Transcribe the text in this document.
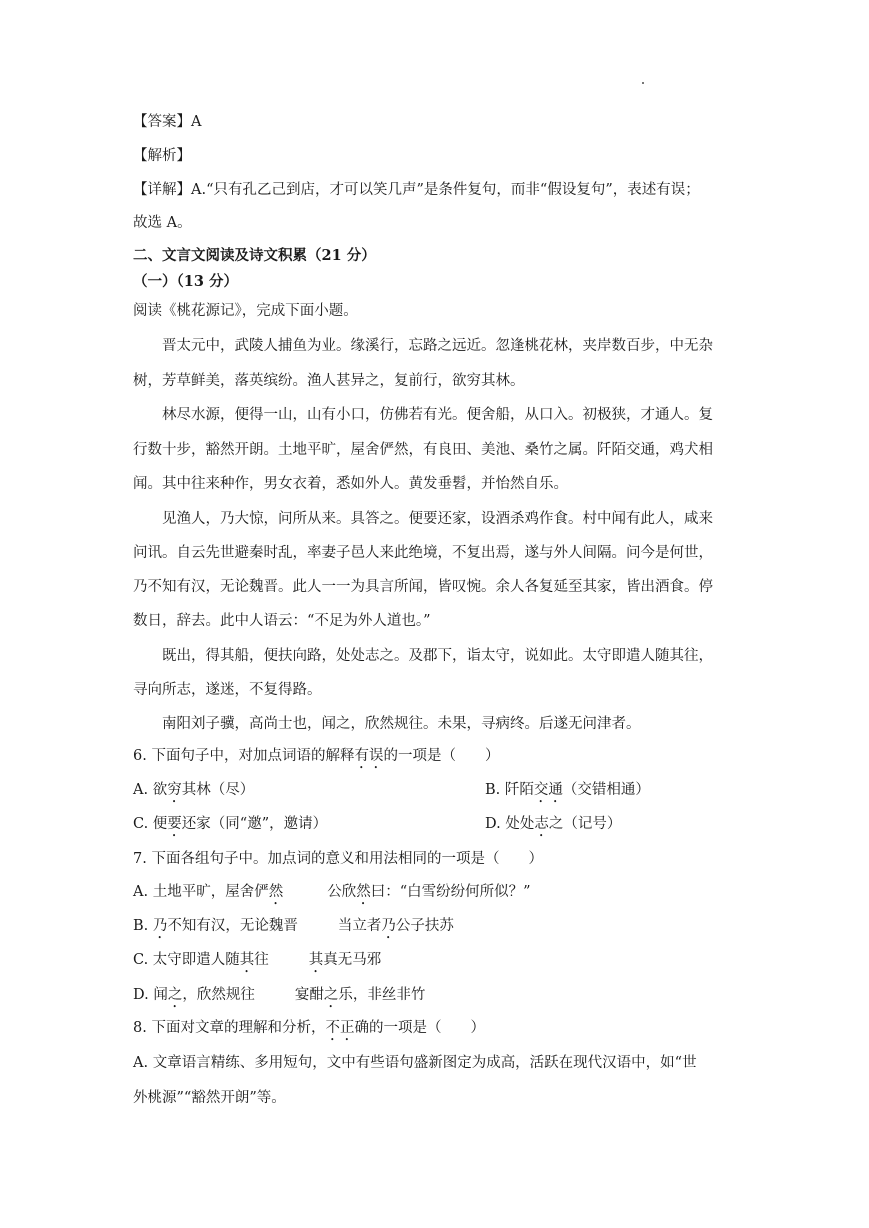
【答案】A
【解析】
【详解】A.“只有孔乙己到店，才可以笑几声”是条件复句，而非“假设复句”，表述有误；
故选 A。
二、文言文阅读及诗文积累（21 分）
（一）（13 分）
阅读《桃花源记》，完成下面小题。
晋太元中，武陵人捕鱼为业。缘溪行，忘路之远近。忽逢桃花林，夹岸数百步，中无杂
树，芳草鲜美，落英缤纷。渔人甚异之，复前行，欲穷其林。
林尽水源，便得一山，山有小口，仿佛若有光。便舍船，从口入。初极狭，才通人。复
行数十步，豁然开朗。土地平旷，屋舍俨然，有良田、美池、桑竹之属。阡陌交通，鸡犬相
闻。其中往来种作，男女衣着，悉如外人。黄发垂髫，并怡然自乐。
见渔人，乃大惊，问所从来。具答之。便要还家，设酒杀鸡作食。村中闻有此人，咸来
问讯。自云先世避秦时乱，率妻子邑人来此绝境，不复出焉，遂与外人间隔。问今是何世，
乃不知有汉，无论魏晋。此人一一为具言所闻，皆叹惋。余人各复延至其家，皆出酒食。停
数日，辞去。此中人语云：“不足为外人道也。”
既出，得其船，便扶向路，处处志之。及郡下，诣太守，说如此。太守即遣人随其往，
寻向所志，遂迷，不复得路。
南阳刘子骥，高尚士也，闻之，欣然规往。未果，寻病终。后遂无问津者。
6. 下面句子中，对加点词语的解释有误的一项是（　　）
A. 欲穷其林（尽）	B. 阡陌交通（交错相通）
C. 便要还家（同“邀”，邀请）	D. 处处志之（记号）
7. 下面各组句子中。加点词的意义和用法相同的一项是（　　）
A. 土地平旷，屋舍俨然	公欣然曰：“白雪纷纷何所似？”
B. 乃不知有汉，无论魏晋	当立者乃公子扶苏
C. 太守即遣人随其往	其真无马邪
D. 闻之，欣然规往	宴酣之乐，非丝非竹
8. 下面对文章的理解和分析，不正确的一项是（　　）
A. 文章语言精练、多用短句，文中有些语句盛新图定为成高，活跃在现代汉语中，如“世
外桃源”“豁然开朗”等。
